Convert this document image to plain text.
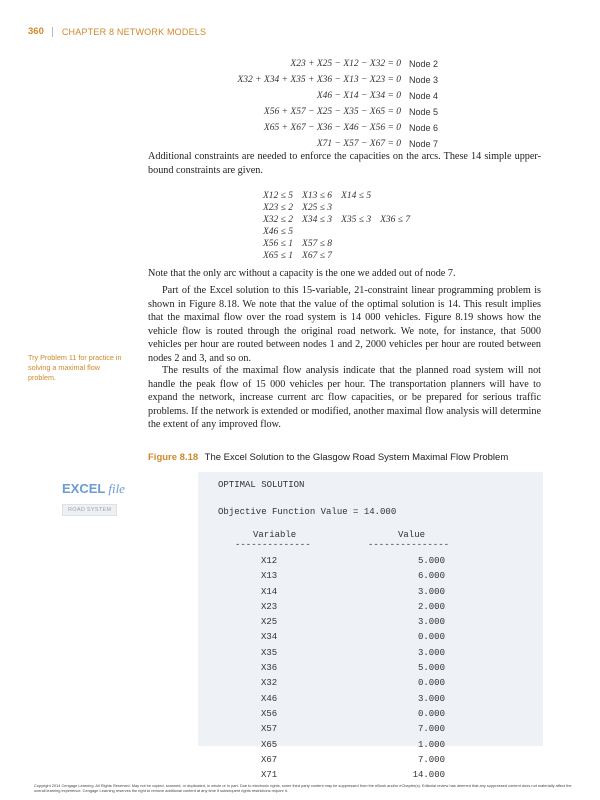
360 CHAPTER 8 NETWORK MODELS
X23 + X25 − X12 − X32 = 0 Node 2
X32 + X34 + X35 + X36 − X13 − X23 = 0 Node 3
X46 − X14 − X34 = 0 Node 4
X56 + X57 − X25 − X35 − X65 = 0 Node 5
X65 + X67 − X36 − X46 − X56 = 0 Node 6
X71 − X57 − X67 = 0 Node 7
Additional constraints are needed to enforce the capacities on the arcs. These 14 simple upper-bound constraints are given.
X12 ≤ 5 X13 ≤ 6 X14 ≤ 5
X23 ≤ 2 X25 ≤ 3
X32 ≤ 2 X34 ≤ 3 X35 ≤ 3 X36 ≤ 7
X46 ≤ 5
X56 ≤ 1 X57 ≤ 8
X65 ≤ 1 X67 ≤ 7
Note that the only arc without a capacity is the one we added out of node 7.
Part of the Excel solution to this 15-variable, 21-constraint linear programming problem is shown in Figure 8.18. We note that the value of the optimal solution is 14. This result implies that the maximal flow over the road system is 14 000 vehicles. Figure 8.19 shows how the vehicle flow is routed through the original road network. We note, for instance, that 5000 vehicles per hour are routed between nodes 1 and 2, 2000 vehicles per hour are routed between nodes 2 and 3, and so on.
The results of the maximal flow analysis indicate that the planned road system will not handle the peak flow of 15 000 vehicles per hour. The transportation planners will have to expand the network, increase current arc flow capacities, or be prepared for serious traffic problems. If the network is extended or modified, another maximal flow analysis will determine the extent of any improved flow.
Try Problem 11 for practice in solving a maximal flow problem.
Figure 8.18 The Excel Solution to the Glasgow Road System Maximal Flow Problem
EXCEL file
ROAD SYSTEM
OPTIMAL SOLUTION
Objective Function Value = 14.000
Variable	Value
--------------	---------------
X12	5.000
X13	6.000
X14	3.000
X23	2.000
X25	3.000
X34	0.000
X35	3.000
X36	5.000
X32	0.000
X46	3.000
X56	0.000
X57	7.000
X65	1.000
X67	7.000
X71	14.000
Copyright 2014 Cengage Learning. All Rights Reserved. May not be copied, scanned, or duplicated, in whole or in part. Due to electronic rights, some third party content may be suppressed from the eBook and/or eChapter(s). Editorial review has deemed that any suppressed content does not materially affect the overall learning experience. Cengage Learning reserves the right to remove additional content at any time if subsequent rights restrictions require it.
